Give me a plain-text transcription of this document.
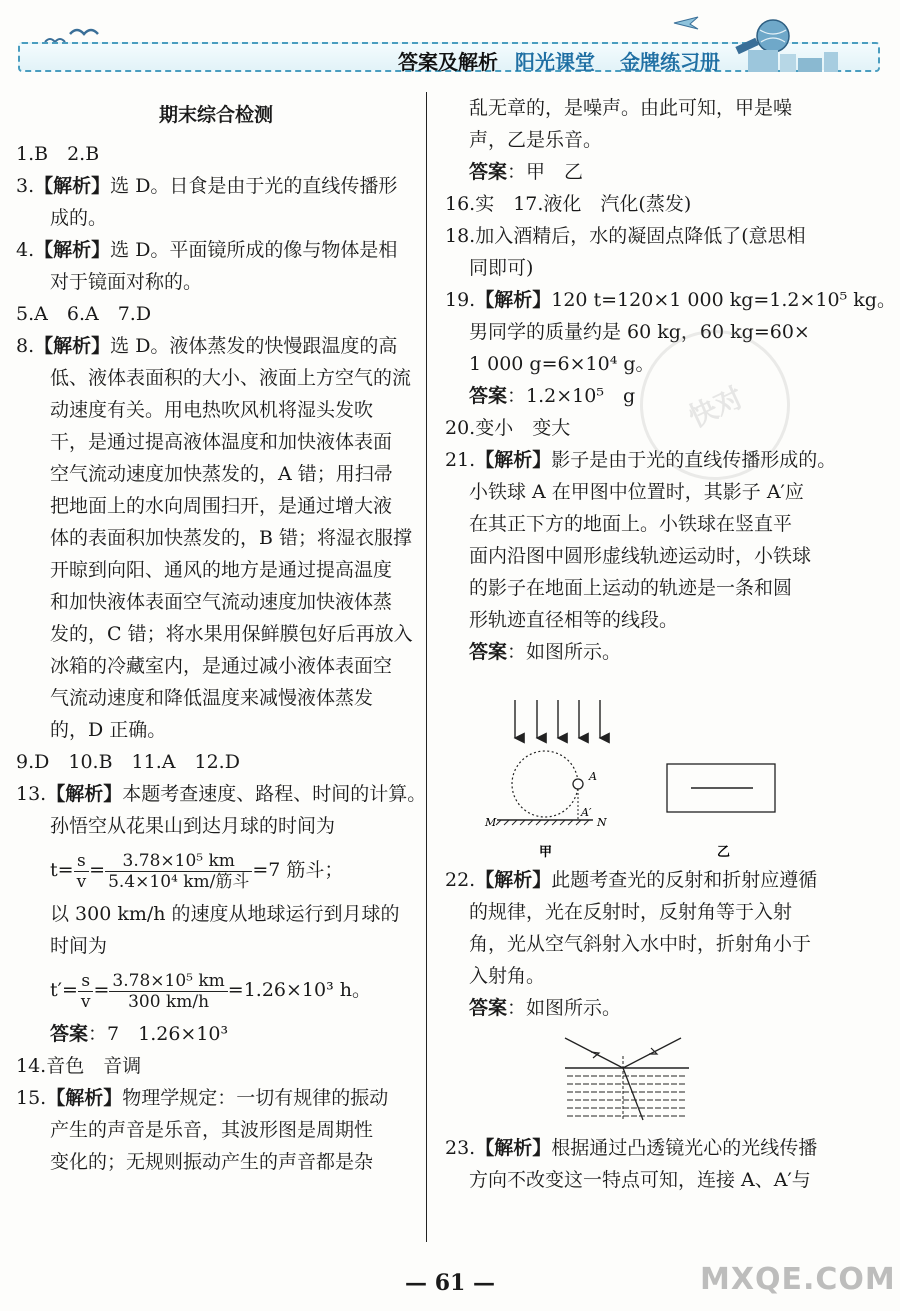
答案及解析 阳光课堂 金牌练习册
期末综合检测
1.B　2.B
3.【解析】选 D。日食是由于光的直线传播形
成的。
4.【解析】选 D。平面镜所成的像与物体是相
对于镜面对称的。
5.A　6.A　7.D
8.【解析】选 D。液体蒸发的快慢跟温度的高
低、液体表面积的大小、液面上方空气的流
动速度有关。用电热吹风机将湿头发吹
干，是通过提高液体温度和加快液体表面
空气流动速度加快蒸发的，A 错；用扫帚
把地面上的水向周围扫开，是通过增大液
体的表面积加快蒸发的，B 错；将湿衣服撑
开晾到向阳、通风的地方是通过提高温度
和加快液体表面空气流动速度加快液体蒸
发的，C 错；将水果用保鲜膜包好后再放入
冰箱的冷藏室内，是通过减小液体表面空
气流动速度和降低温度来减慢液体蒸发
的，D 正确。
9.D　10.B　11.A　12.D
13.【解析】本题考查速度、路程、时间的计算。
孙悟空从花果山到达月球的时间为
$t= \frac{s}{v} = \frac{\text{3.78×10⁵ km}}{\text{5.4×10⁴ km/筋斗}} =7$ 筋斗；
以 300 km/h 的速度从地球运行到月球的
时间为
$t'= \frac{s}{v} = \frac{\text{3.78×10⁵ km}}{300 km/h} =1.26\times 10^3$ h。
答案：7　1.26×10³
14.音色　音调
15.【解析】物理学规定：一切有规律的振动
产生的声音是乐音，其波形图是周期性
变化的；无规则振动产生的声音都是杂
乱无章的，是噪声。由此可知，甲是噪
声，乙是乐音。
答案：甲　乙
16.实　17.液化　汽化(蒸发)
18.加入酒精后，水的凝固点降低了(意思相
同即可)
19.【解析】120 t=120×1 000 kg=1.2×10⁵ kg。
男同学的质量约是 60 kg，60 kg=60×
1 000 g=6×10⁴ g。
答案：1.2×10⁵　g
20.变小　变大
21.【解析】影子是由于光的直线传播形成的。
小铁球 A 在甲图中位置时，其影子 A′应
在其正下方的地面上。小铁球在竖直平
面内沿图中圆形虚线轨迹运动时，小铁球
的影子在地面上运动的轨迹是一条和圆
形轨迹直径相等的线段。
答案：如图所示。
A
A′
M	N
甲	乙
22.【解析】此题考查光的反射和折射应遵循
的规律，光在反射时，反射角等于入射
角，光从空气斜射入水中时，折射角小于
入射角。
答案：如图所示。
23.【解析】根据通过凸透镜光心的光线传播
方向不改变这一特点可知，连接 A、A′与
快对
MXQE.COM
— 61 —
